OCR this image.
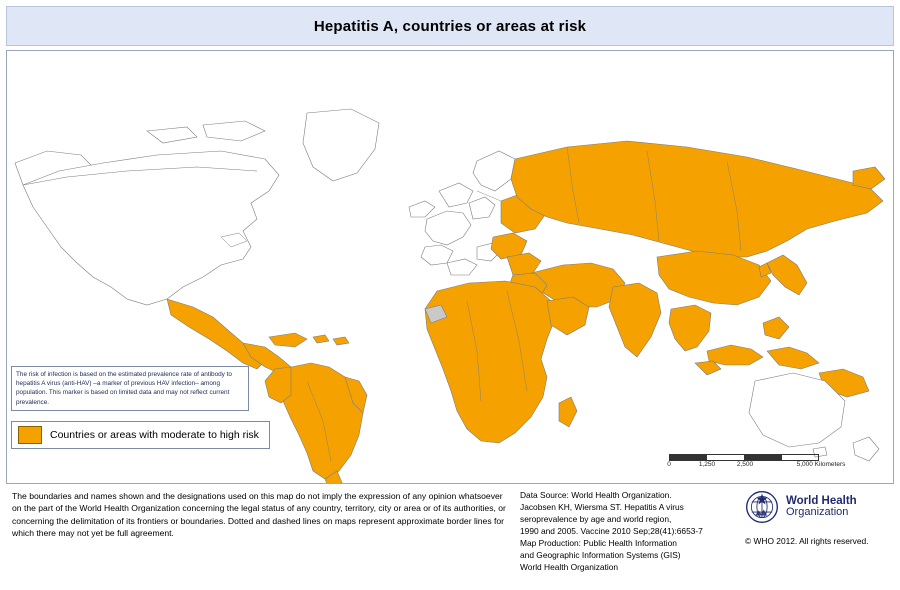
Hepatitis A, countries or areas at risk
The risk of infection is based on the estimated prevalence rate of antibody to hepatitis A virus (anti-HAV) –a marker of previous HAV infection– among population. This marker is based on limited data and may not reflect current prevalence.
Countries or areas with moderate to high risk
0	1,250	2,500	5,000 Kilometers
The boundaries and names shown and the designations used on this map do not imply the expression of any opinion whatsoever on the part of the World Health Organization concerning the legal status of any country, territory, city or area or of its authorities, or concerning the delimitation of its frontiers or boundaries. Dotted and dashed lines on maps represent approximate border lines for which there may not yet be full agreement.
Data Source: World Health Organization.
Jacobsen KH, Wiersma ST. Hepatitis A virus
seroprevalence by age and world region,
1990 and 2005. Vaccine 2010 Sep;28(41):6653-7
Map Production: Public Health Information
and Geographic Information Systems (GIS)
World Health Organization
World Health
Organization
© WHO 2012. All rights reserved.
